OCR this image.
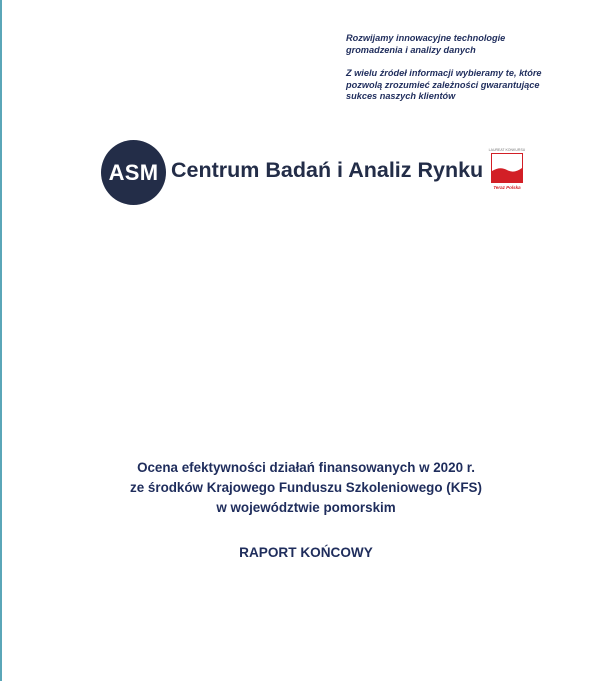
Rozwijamy innowacyjne technologie
gromadzenia i analizy danych

Z wielu źródeł informacji wybieramy te, które
pozwolą zrozumieć zależności gwarantujące
sukces naszych klientów

ASM Centrum Badań i Analiz Rynku
LAUREAT KONKURSU
Teraz Polska

Ocena efektywności działań finansowanych w 2020 r.

ze środków Krajowego Funduszu Szkoleniowego (KFS)

w województwie pomorskim

RAPORT KOŃCOWY
